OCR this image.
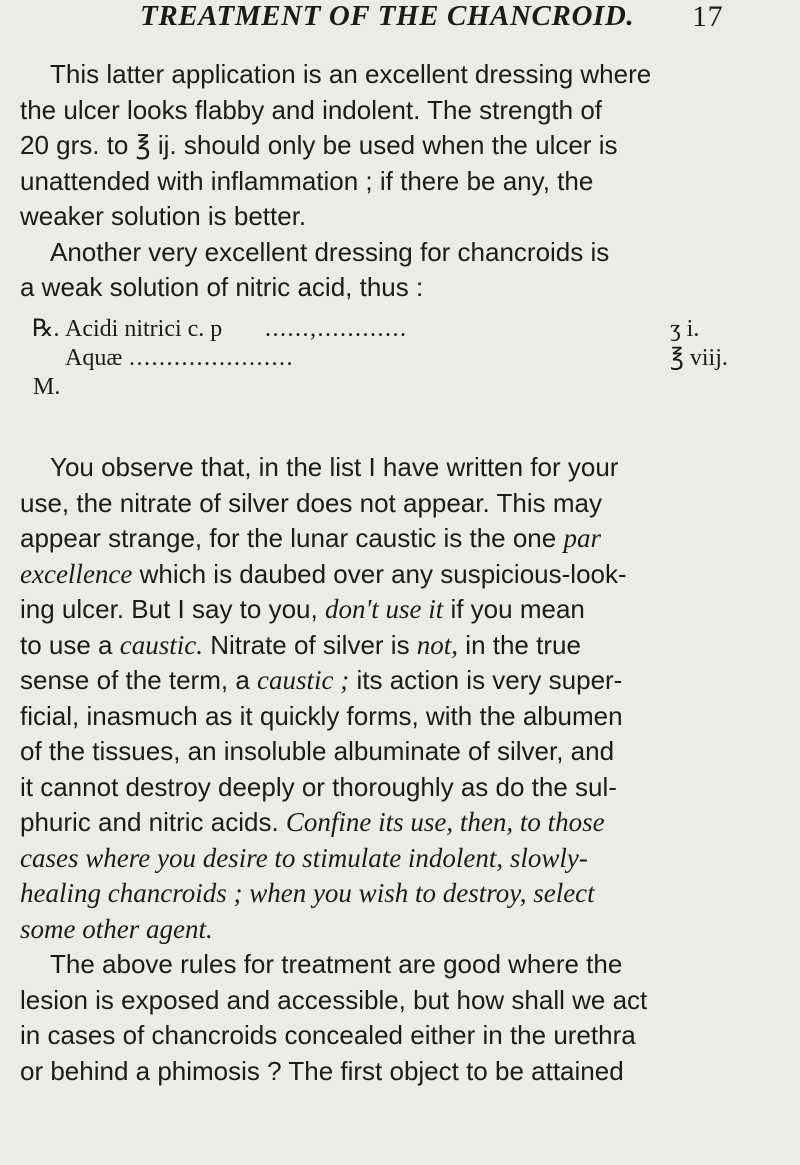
TREATMENT OF THE CHANCROID. 17
This latter application is an excellent dressing where
the ulcer looks flabby and indolent. The strength of
20 grs. to ℥ ij. should only be used when the ulcer is
unattended with inflammation ; if there be any, the
weaker solution is better.
Another very excellent dressing for chancroids is
a weak solution of nitric acid, thus :
℞. Acidi nitrici c. p ......,............	ʒ i.
Aquæ ......................	℥ viij.
M.
You observe that, in the list I have written for your
use, the nitrate of silver does not appear. This may
appear strange, for the lunar caustic is the one par
excellence which is daubed over any suspicious-look-
ing ulcer. But I say to you, don't use it if you mean
to use a caustic. Nitrate of silver is not, in the true
sense of the term, a caustic ; its action is very super-
ficial, inasmuch as it quickly forms, with the albumen
of the tissues, an insoluble albuminate of silver, and
it cannot destroy deeply or thoroughly as do the sul-
phuric and nitric acids. Confine its use, then, to those
cases where you desire to stimulate indolent, slowly-
healing chancroids ; when you wish to destroy, select
some other agent.
The above rules for treatment are good where the
lesion is exposed and accessible, but how shall we act
in cases of chancroids concealed either in the urethra
or behind a phimosis ? The first object to be attained
